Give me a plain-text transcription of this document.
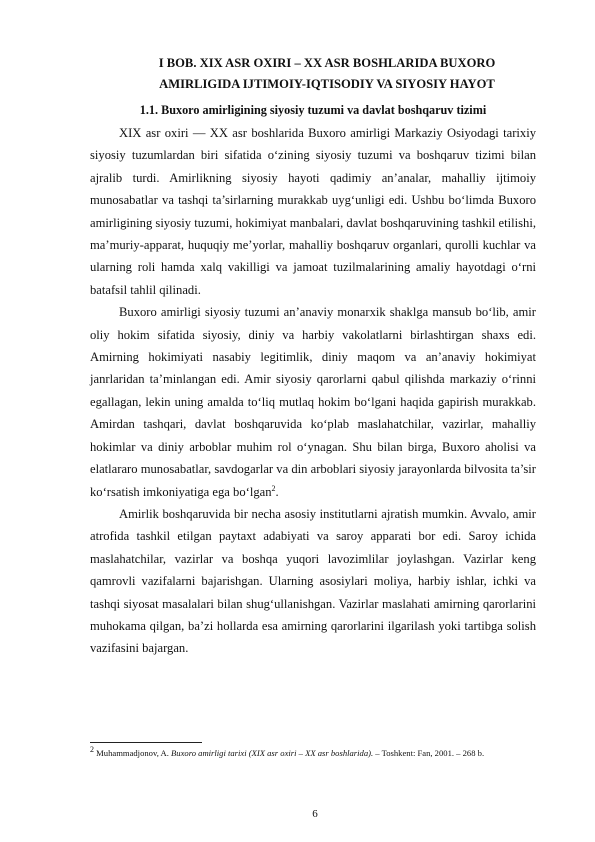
I BOB. XIX ASR OXIRI – XX ASR BOSHLARIDA BUXORO AMIRLIGIDA IJTIMOIY-IQTISODIY VA SIYOSIY HAYOT
1.1. Buxoro amirligining siyosiy tuzumi va davlat boshqaruv tizimi

XIX asr oxiri — XX asr boshlarida Buxoro amirligi Markaziy Osiyodagi tarixiy siyosiy tuzumlardan biri sifatida o‘zining siyosiy tuzumi va boshqaruv tizimi bilan ajralib turdi. Amirlikning siyosiy hayoti qadimiy an’analar, mahalliy ijtimoiy munosabatlar va tashqi ta’sirlarning murakkab uyg‘unligi edi. Ushbu bo‘limda Buxoro amirligining siyosiy tuzumi, hokimiyat manbalari, davlat boshqaruvining tashkil etilishi, ma’muriy-apparat, huquqiy me’yorlar, mahalliy boshqaruv organlari, qurolli kuchlar va ularning roli hamda xalq vakilligi va jamoat tuzilmalarining amaliy hayotdagi o‘rni batafsil tahlil qilinadi.

Buxoro amirligi siyosiy tuzumi an’anaviy monarxik shaklga mansub bo‘lib, amir oliy hokim sifatida siyosiy, diniy va harbiy vakolatlarni birlashtirgan shaxs edi. Amirning hokimiyati nasabiy legitimlik, diniy maqom va an’anaviy hokimiyat janrlaridan ta’minlangan edi. Amir siyosiy qarorlarni qabul qilishda markaziy o‘rinni egallagan, lekin uning amalda to‘liq mutlaq hokim bo‘lgani haqida gapirish murakkab. Amirdan tashqari, davlat boshqaruvida ko‘plab maslahatchilar, vazirlar, mahalliy hokimlar va diniy arboblar muhim rol o‘ynagan. Shu bilan birga, Buxoro aholisi va elatlararo munosabatlar, savdogarlar va din arboblari siyosiy jarayonlarda bilvosita ta’sir ko‘rsatish imkoniyatiga ega bo‘lgan$^2$.

Amirlik boshqaruvida bir necha asosiy institutlarni ajratish mumkin. Avvalo, amir atrofida tashkil etilgan paytaxt adabiyati va saroy apparati bor edi. Saroy ichida maslahatchilar, vazirlar va boshqa yuqori lavozimlilar joylashgan. Vazirlar keng qamrovli vazifalarni bajarishgan. Ularning asosiylari moliya, harbiy ishlar, ichki va tashqi siyosat masalalari bilan shug‘ullanishgan. Vazirlar maslahati amirning qarorlarini muhokama qilgan, ba’zi hollarda esa amirning qarorlarini ilgarilash yoki tartibga solish vazifasini bajargan.

$^2$ Muhammadjonov, A. Buxoro amirligi tarixi (XIX asr oxiri – XX asr boshlarida). – Toshkent: Fan, 2001. – 268 b.

6
